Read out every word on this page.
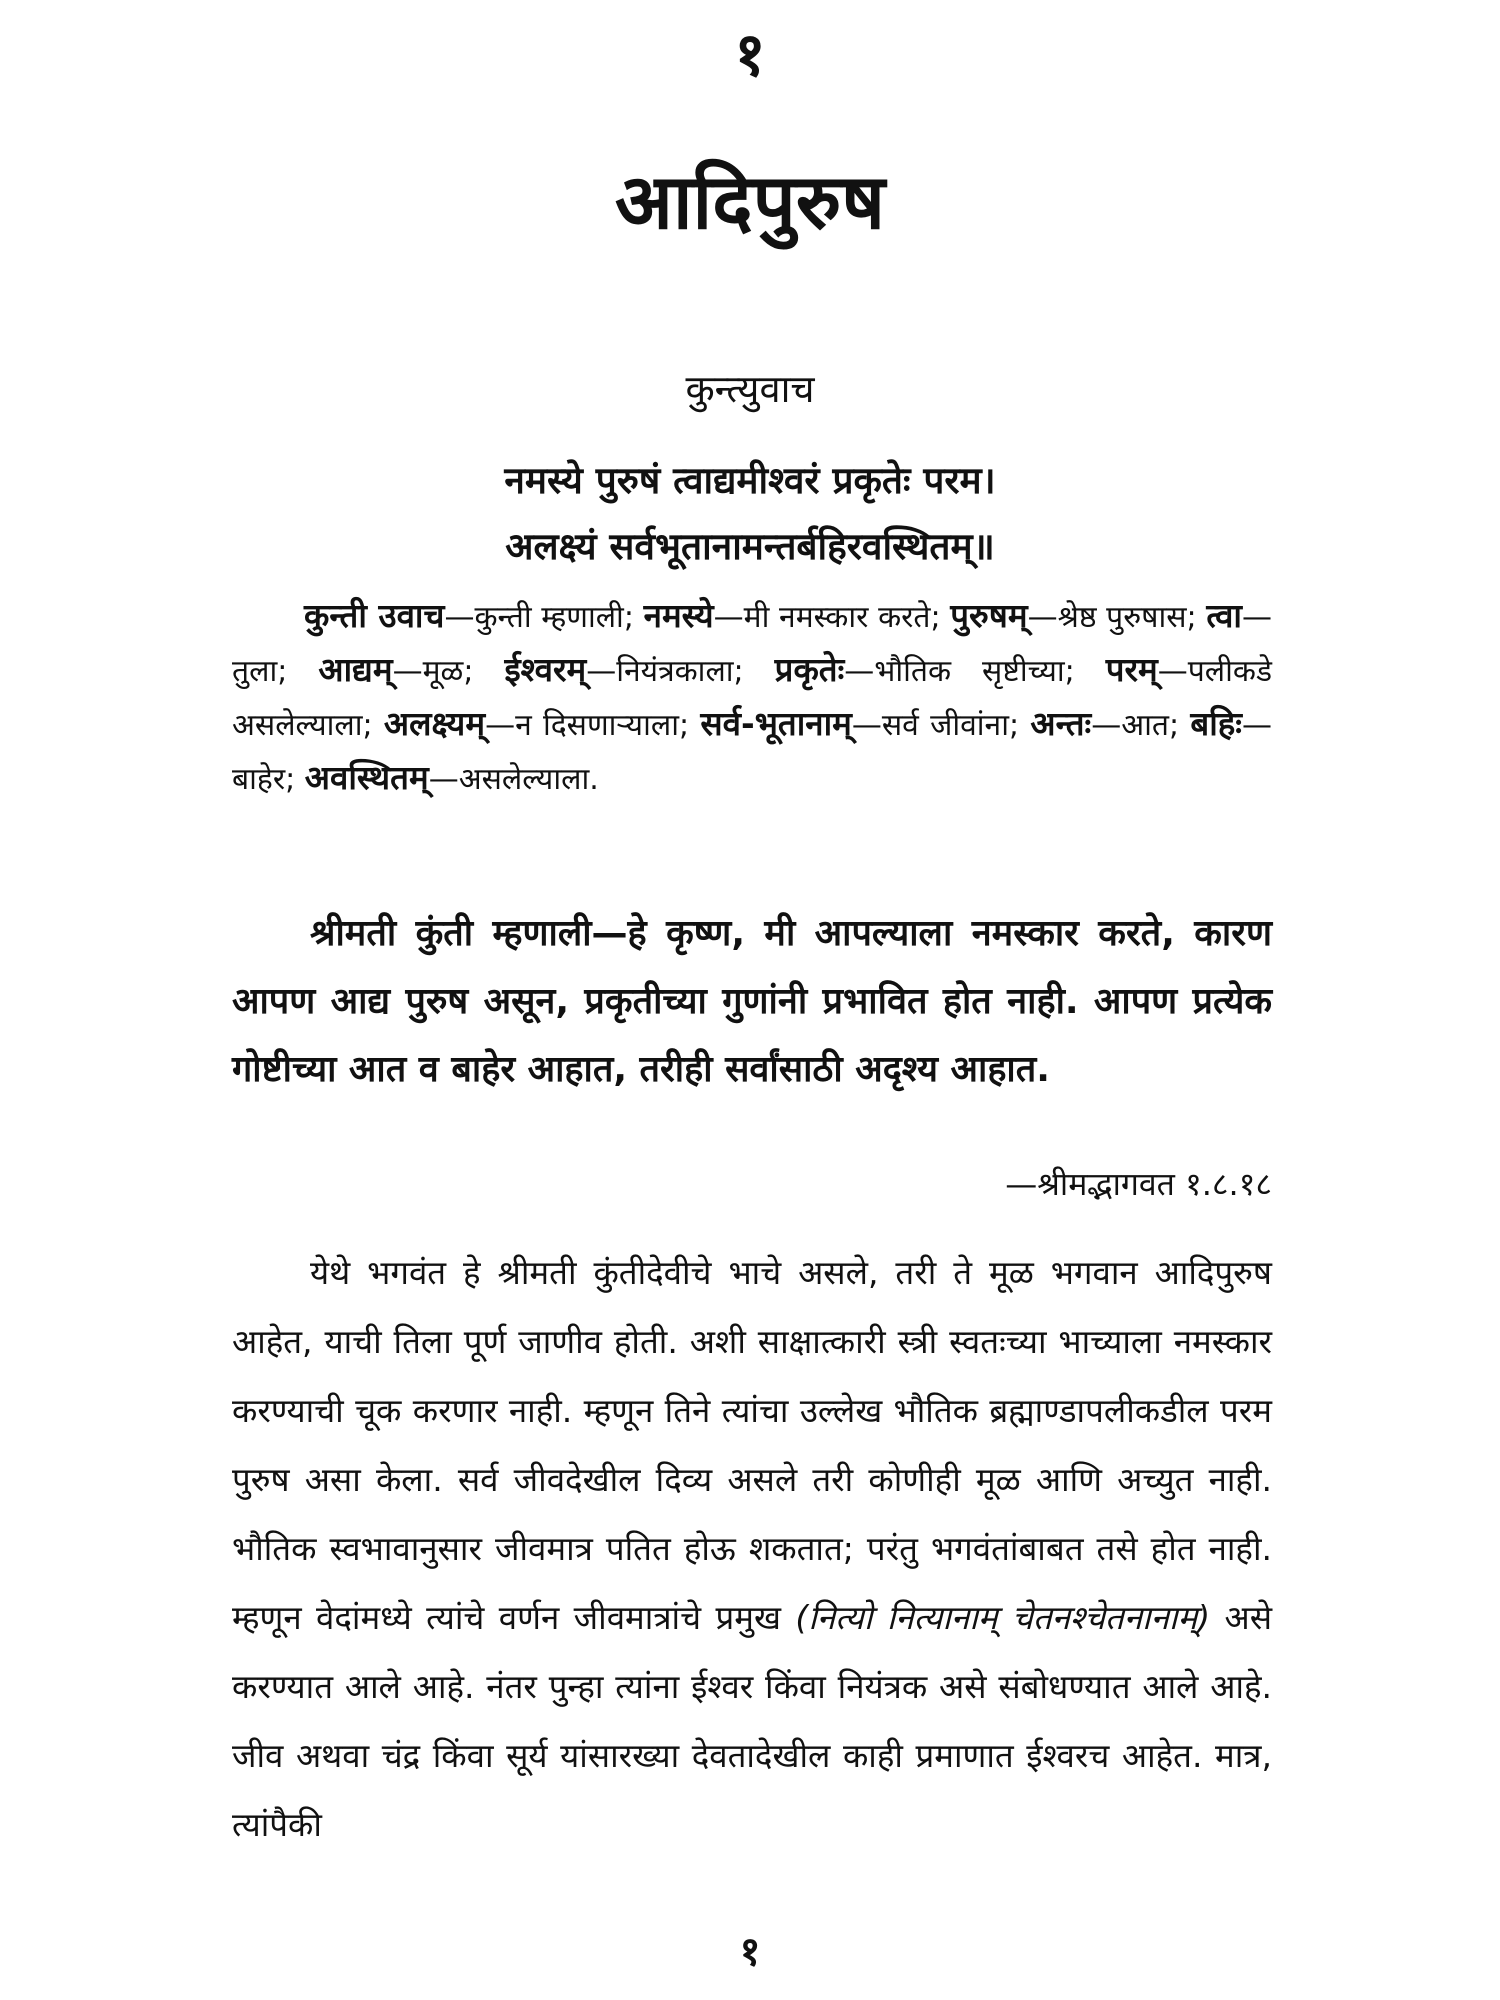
१
आदिपुरुष
कुन्त्युवाच
नमस्ये पुरुषं त्वाद्यमीश्वरं प्रकृतेः परम।
अलक्ष्यं सर्वभूतानामन्तर्बहिरवस्थितम्॥
कुन्ती उवाच—कुन्ती म्हणाली; नमस्ये—मी नमस्कार करते; पुरुषम्—श्रेष्ठ पुरुषास; त्वा—तुला; आद्यम्—मूळ; ईश्वरम्—नियंत्रकाला; प्रकृतेः—भौतिक सृष्टीच्या; परम्—पलीकडे असलेल्याला; अलक्ष्यम्—न दिसणाऱ्याला; सर्व-भूतानाम्—सर्व जीवांना; अन्तः—आत; बहिः—बाहेर; अवस्थितम्—असलेल्याला.
श्रीमती कुंती म्हणाली—हे कृष्ण, मी आपल्याला नमस्कार करते, कारण आपण आद्य पुरुष असून, प्रकृतीच्या गुणांनी प्रभावित होत नाही. आपण प्रत्येक गोष्टीच्या आत व बाहेर आहात, तरीही सर्वांसाठी अदृश्य आहात.
—श्रीमद्भागवत १.८.१८
येथे भगवंत हे श्रीमती कुंतीदेवीचे भाचे असले, तरी ते मूळ भगवान आदिपुरुष आहेत, याची तिला पूर्ण जाणीव होती. अशी साक्षात्कारी स्त्री स्वतःच्या भाच्याला नमस्कार करण्याची चूक करणार नाही. म्हणून तिने त्यांचा उल्लेख भौतिक ब्रह्माण्डापलीकडील परम पुरुष असा केला. सर्व जीवदेखील दिव्य असले तरी कोणीही मूळ आणि अच्युत नाही. भौतिक स्वभावानुसार जीवमात्र पतित होऊ शकतात; परंतु भगवंतांबाबत तसे होत नाही. म्हणून वेदांमध्ये त्यांचे वर्णन जीवमात्रांचे प्रमुख (नित्यो नित्यानाम् चेतनश्चेतनानाम्) असे करण्यात आले आहे. नंतर पुन्हा त्यांना ईश्वर किंवा नियंत्रक असे संबोधण्यात आले आहे. जीव अथवा चंद्र किंवा सूर्य यांसारख्या देवतादेखील काही प्रमाणात ईश्वरच आहेत. मात्र, त्यांपैकी
१
